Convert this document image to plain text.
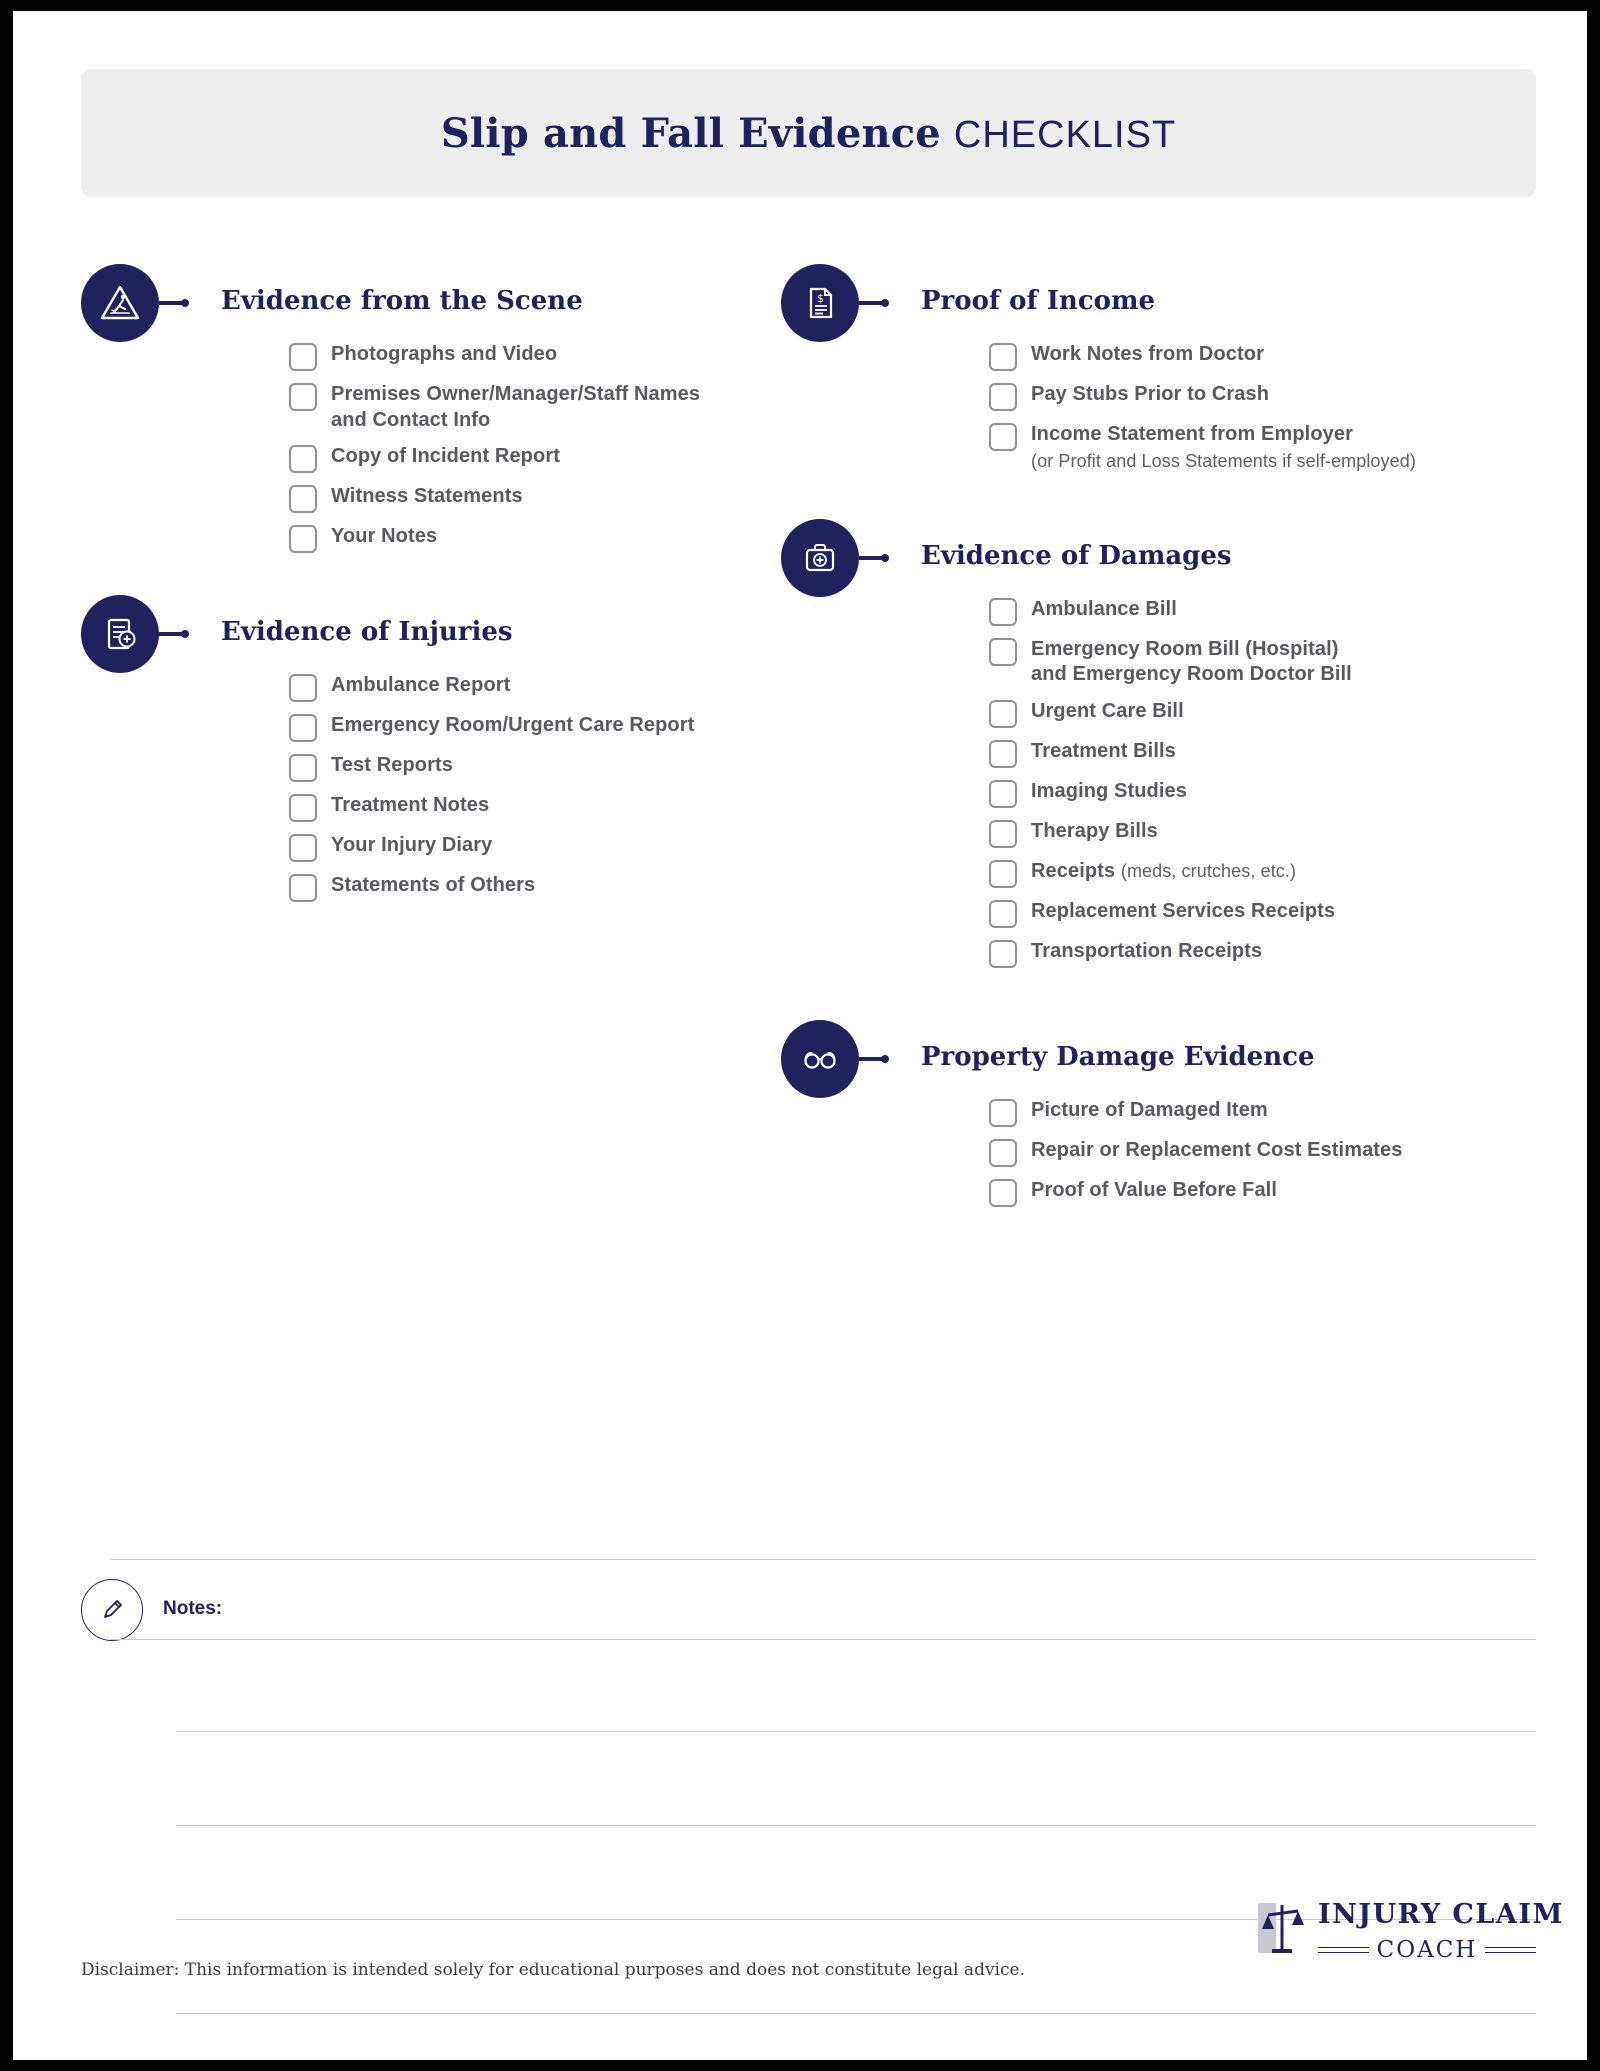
Slip and Fall Evidence CHECKLIST
Evidence from the Scene
Photographs and Video
Premises Owner/Manager/Staff Names
and Contact Info
Copy of Incident Report
Witness Statements
Your Notes
Evidence of Injuries
Ambulance Report
Emergency Room/Urgent Care Report
Test Reports
Treatment Notes
Your Injury Diary
Statements of Others
$	Proof of Income
Work Notes from Doctor
Pay Stubs Prior to Crash
Income Statement from Employer
(or Profit and Loss Statements if self-employed)
Evidence of Damages
Ambulance Bill
Emergency Room Bill (Hospital)
and Emergency Room Doctor Bill
Urgent Care Bill
Treatment Bills
Imaging Studies
Therapy Bills
Receipts (meds, crutches, etc.)
Replacement Services Receipts
Transportation Receipts
Property Damage Evidence
Picture of Damaged Item
Repair or Replacement Cost Estimates
Proof of Value Before Fall
Notes:
Disclaimer: This information is intended solely for educational purposes and does not constitute legal advice.
INJURY CLAIM
COACH
